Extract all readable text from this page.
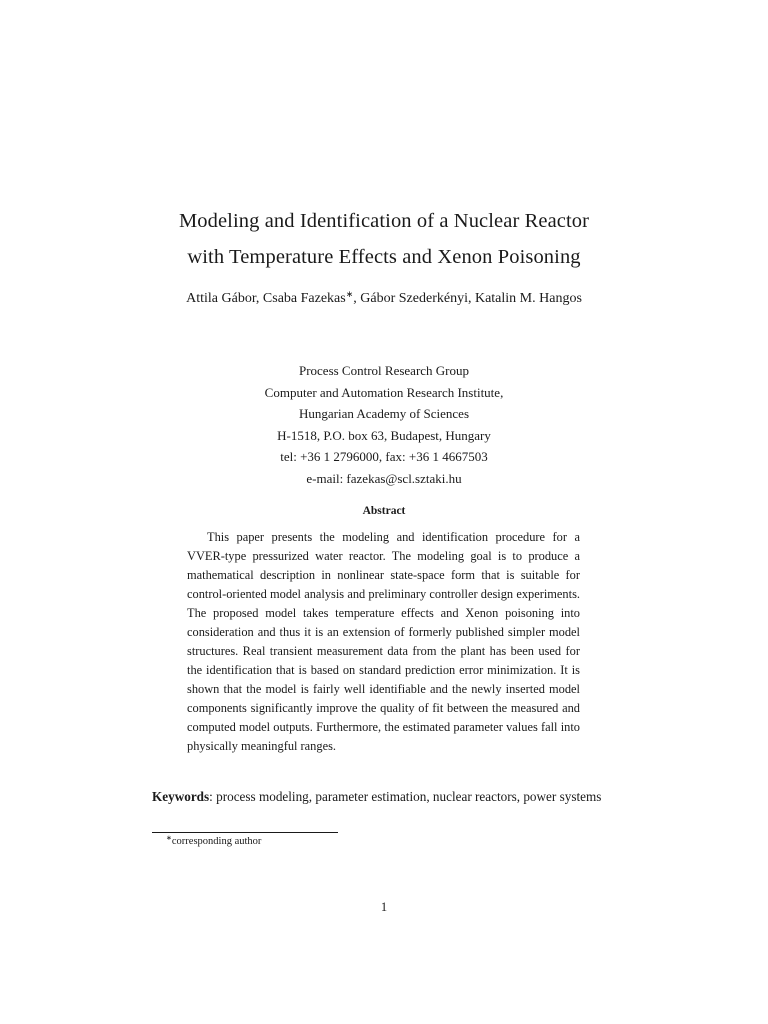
Modeling and Identification of a Nuclear Reactor
with Temperature Effects and Xenon Poisoning
Attila Gábor, Csaba Fazekas∗, Gábor Szederkényi, Katalin M. Hangos
Process Control Research Group
Computer and Automation Research Institute,
Hungarian Academy of Sciences
H-1518, P.O. box 63, Budapest, Hungary
tel: +36 1 2796000, fax: +36 1 4667503
e-mail: fazekas@scl.sztaki.hu
Abstract
This paper presents the modeling and identification procedure for a VVER-type pressurized water reactor. The modeling goal is to produce a mathematical description in nonlinear state-space form that is suitable for control-oriented model analysis and preliminary controller design experiments. The proposed model takes temperature effects and Xenon poisoning into consideration and thus it is an extension of formerly published simpler model structures. Real transient measurement data from the plant has been used for the identification that is based on standard prediction error minimization. It is shown that the model is fairly well identifiable and the newly inserted model components significantly improve the quality of fit between the measured and computed model outputs. Furthermore, the estimated parameter values fall into physically meaningful ranges.
Keywords: process modeling, parameter estimation, nuclear reactors, power systems
∗corresponding author
1
